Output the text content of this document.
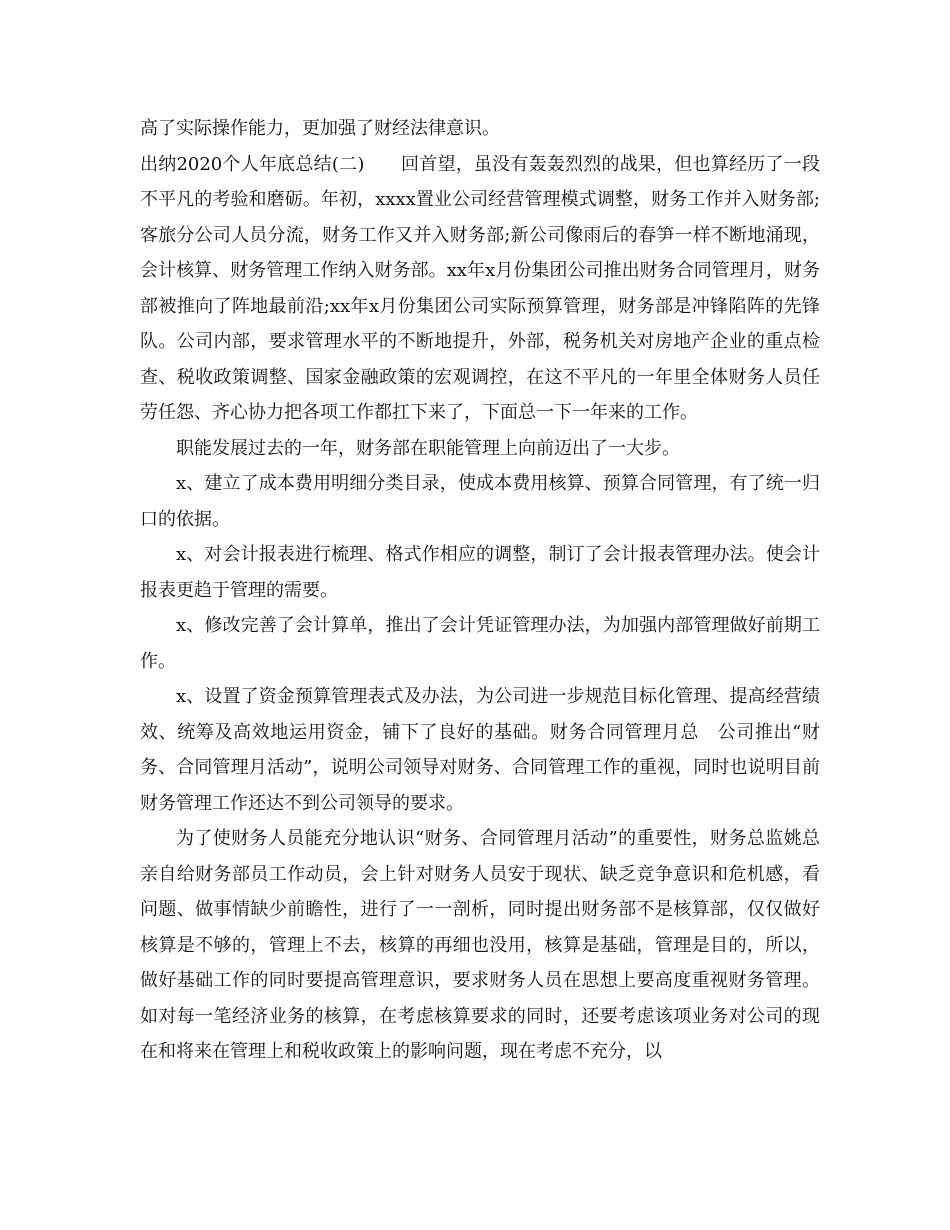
高了实际操作能力，更加强了财经法律意识。

出纳2020个人年底总结(二)　　回首望，虽没有轰轰烈烈的战果，但也算经历了一段不平凡的考验和磨砺。年初，xxxx置业公司经营管理模式调整，财务工作并入财务部;客旅分公司人员分流，财务工作又并入财务部;新公司像雨后的春笋一样不断地涌现，会计核算、财务管理工作纳入财务部。xx年x月份集团公司推出财务合同管理月，财务部被推向了阵地最前沿;xx年x月份集团公司实际预算管理，财务部是冲锋陷阵的先锋队。公司内部，要求管理水平的不断地提升，外部，税务机关对房地产企业的重点检查、税收政策调整、国家金融政策的宏观调控，在这不平凡的一年里全体财务人员任劳任怨、齐心协力把各项工作都扛下来了，下面总一下一年来的工作。

职能发展过去的一年，财务部在职能管理上向前迈出了一大步。

x、建立了成本费用明细分类目录，使成本费用核算、预算合同管理，有了统一归口的依据。

x、对会计报表进行梳理、格式作相应的调整，制订了会计报表管理办法。使会计报表更趋于管理的需要。

x、修改完善了会计算单，推出了会计凭证管理办法，为加强内部管理做好前期工作。

x、设置了资金预算管理表式及办法，为公司进一步规范目标化管理、提高经营绩效、统筹及高效地运用资金，铺下了良好的基础。财务合同管理月总　公司推出“财务、合同管理月活动”，说明公司领导对财务、合同管理工作的重视，同时也说明目前财务管理工作还达不到公司领导的要求。

为了使财务人员能充分地认识“财务、合同管理月活动”的重要性，财务总监姚总亲自给财务部员工作动员，会上针对财务人员安于现状、缺乏竞争意识和危机感，看问题、做事情缺少前瞻性，进行了一一剖析，同时提出财务部不是核算部，仅仅做好核算是不够的，管理上不去，核算的再细也没用，核算是基础，管理是目的，所以，做好基础工作的同时要提高管理意识，要求财务人员在思想上要高度重视财务管理。如对每一笔经济业务的核算，在考虑核算要求的同时，还要考虑该项业务对公司的现在和将来在管理上和税收政策上的影响问题，现在考虑不充分，以
